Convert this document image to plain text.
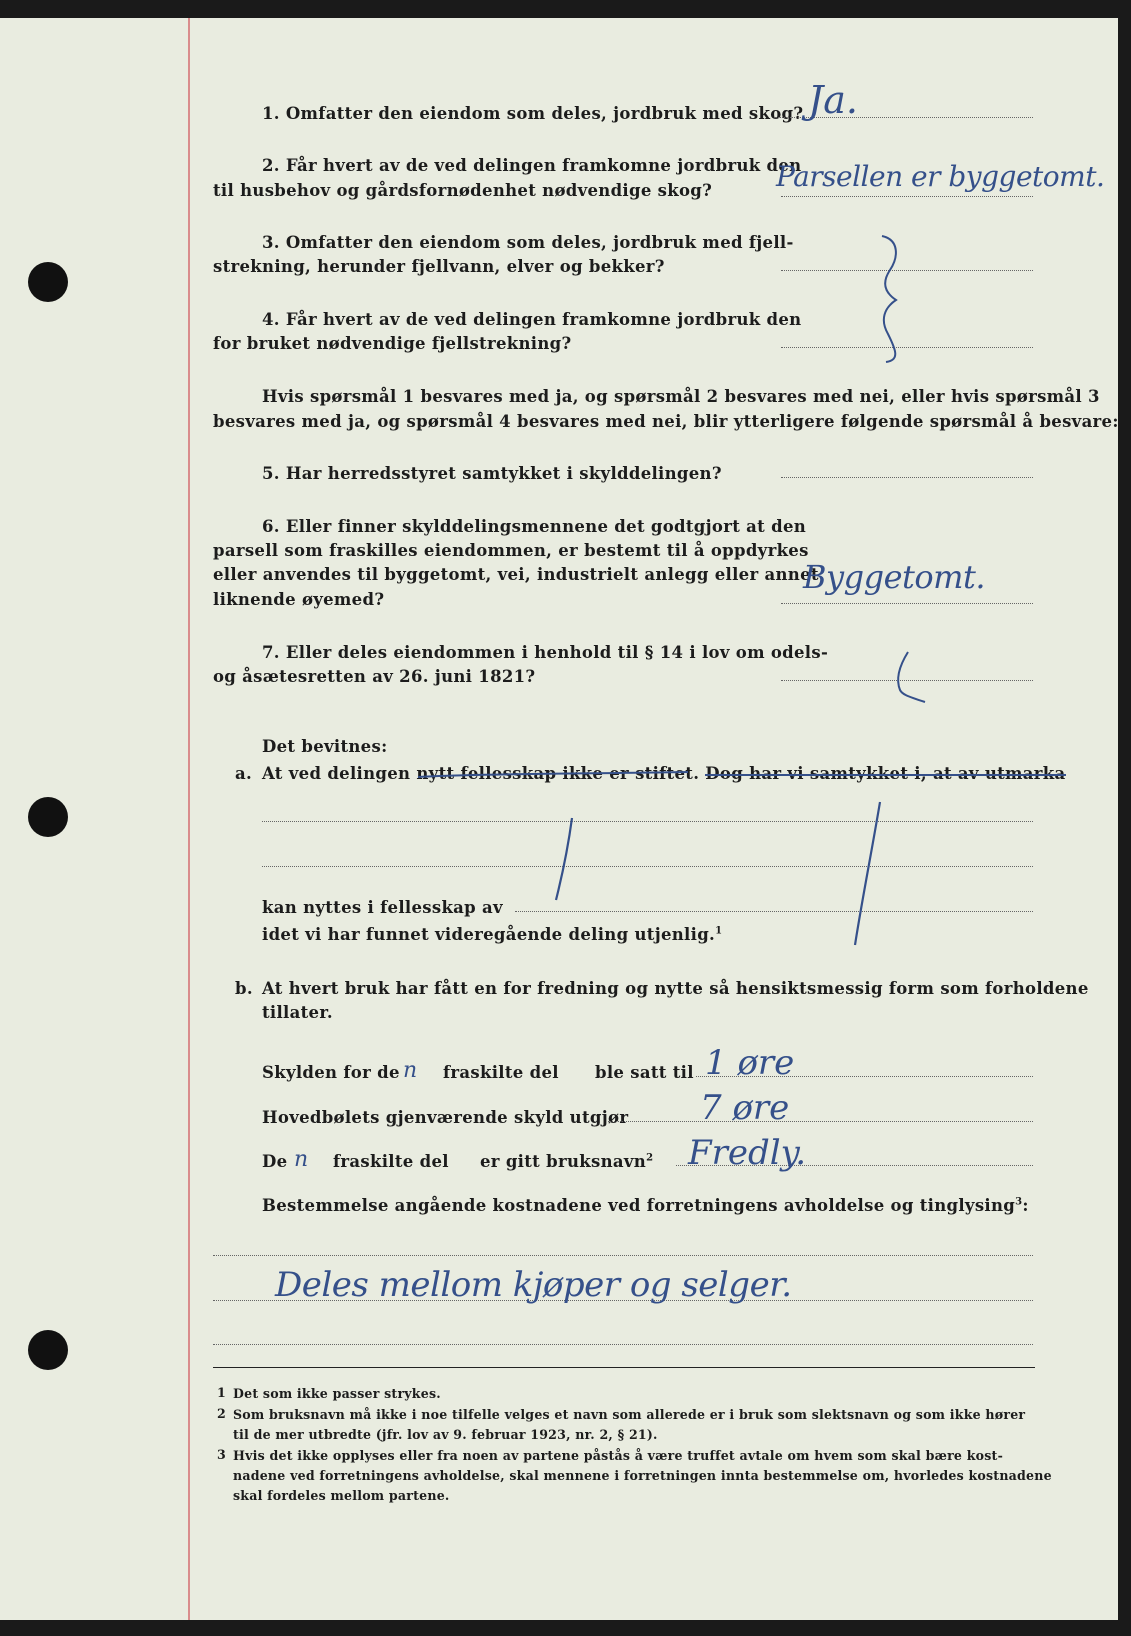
1. Omfatter den eiendom som deles, jordbruk med skog? Ja.
2. Får hvert av de ved delingen framkomne jordbruk den
til husbehov og gårdsfornødenhet nødvendige skog? Parsellen er byggetomt.
3. Omfatter den eiendom som deles, jordbruk med fjell-
strekning, herunder fjellvann, elver og bekker?
4. Får hvert av de ved delingen framkomne jordbruk den
for bruket nødvendige fjellstrekning?
Hvis spørsmål 1 besvares med ja, og spørsmål 2 besvares med nei, eller hvis spørsmål 3
besvares med ja, og spørsmål 4 besvares med nei, blir ytterligere følgende spørsmål å besvare:
5. Har herredsstyret samtykket i skylddelingen?
6. Eller finner skylddelingsmennene det godtgjort at den
parsell som fraskilles eiendommen, er bestemt til å oppdyrkes
eller anvendes til byggetomt, vei, industrielt anlegg eller annet
liknende øyemed?
Byggetomt.
7. Eller deles eiendommen i henhold til § 14 i lov om odels-
og åsætesretten av 26. juni 1821?
Det bevitnes:
a. At ved delingen nytt fellesskap ikke er stiftet. Dog har vi samtykket i, at av utmarka
kan nyttes i fellesskap av
idet vi har funnet videregående deling utjenlig.$^1$
b. At hvert bruk har fått en for fredning og nytte så hensiktsmessig form som forholdene
tillater.
Skylden for de n fraskilte del ble satt til 1 øre
Hovedbølets gjenværende skyld utgjør 7 øre
De n fraskilte del er gitt bruksnavn$^2$ Fredly.
Bestemmelse angående kostnadene ved forretningens avholdelse og tinglysing$^3$:
Deles mellom kjøper og selger.
1 Det som ikke passer strykes.
2 Som bruksnavn må ikke i noe tilfelle velges et navn som allerede er i bruk som slektsnavn og som ikke hører
til de mer utbredte (jfr. lov av 9. februar 1923, nr. 2, § 21).
3 Hvis det ikke opplyses eller fra noen av partene påstås å være truffet avtale om hvem som skal bære kost-
nadene ved forretningens avholdelse, skal mennene i forretningen innta bestemmelse om, hvorledes kostnadene
skal fordeles mellom partene.
